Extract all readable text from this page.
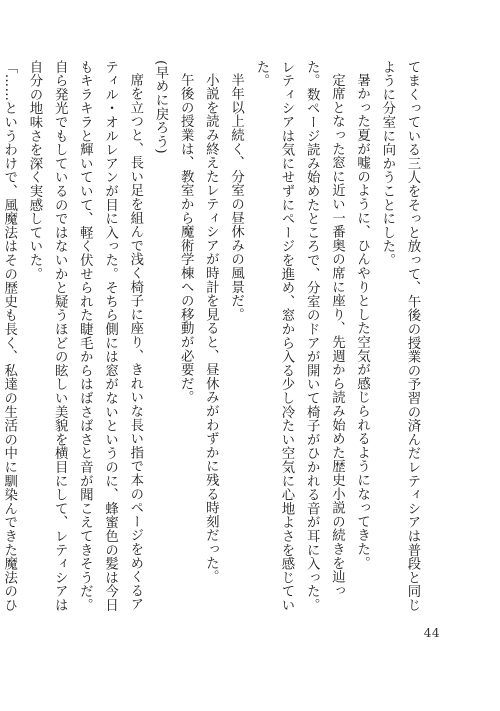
てまくっている三人をそっと放って、午後の授業の予習の済んだレティシアは普段と同じように分室に向かうことにした。

暑かった夏が嘘のように、ひんやりとした空気が感じられるようになってきた。

定席となった窓に近い一番奥の席に座り、先週から読み始めた歴史小説の続きを辿った。数ページ読み始めたところで、分室のドアが開いて椅子がひかれる音が耳に入った。レティシアは気にせずにページを進め、窓から入る少し冷たい空気に心地よさを感じていた。

半年以上続く、分室の昼休みの風景だ。

小説を読み終えたレティシアが時計を見ると、昼休みがわずかに残る時刻だった。

午後の授業は、教室から魔術学棟への移動が必要だ。

(早めに戻ろう)

席を立つと、長い足を組んで浅く椅子に座り、きれいな長い指で本のページをめくるアティル・オルレアンが目に入った。そちら側には窓がないというのに、蜂蜜色の髪は今日もキラキラと輝いていて、軽く伏せられた睫毛からはばさばさと音が聞こえてきそうだ。自ら発光でもしているのではないかと疑うほどの眩しい美貌を横目にして、レティシアは自分の地味さを深く実感していた。

「……というわけで、風魔法はその歴史も長く、私達の生活の中に馴染んできた魔法のひ

44
